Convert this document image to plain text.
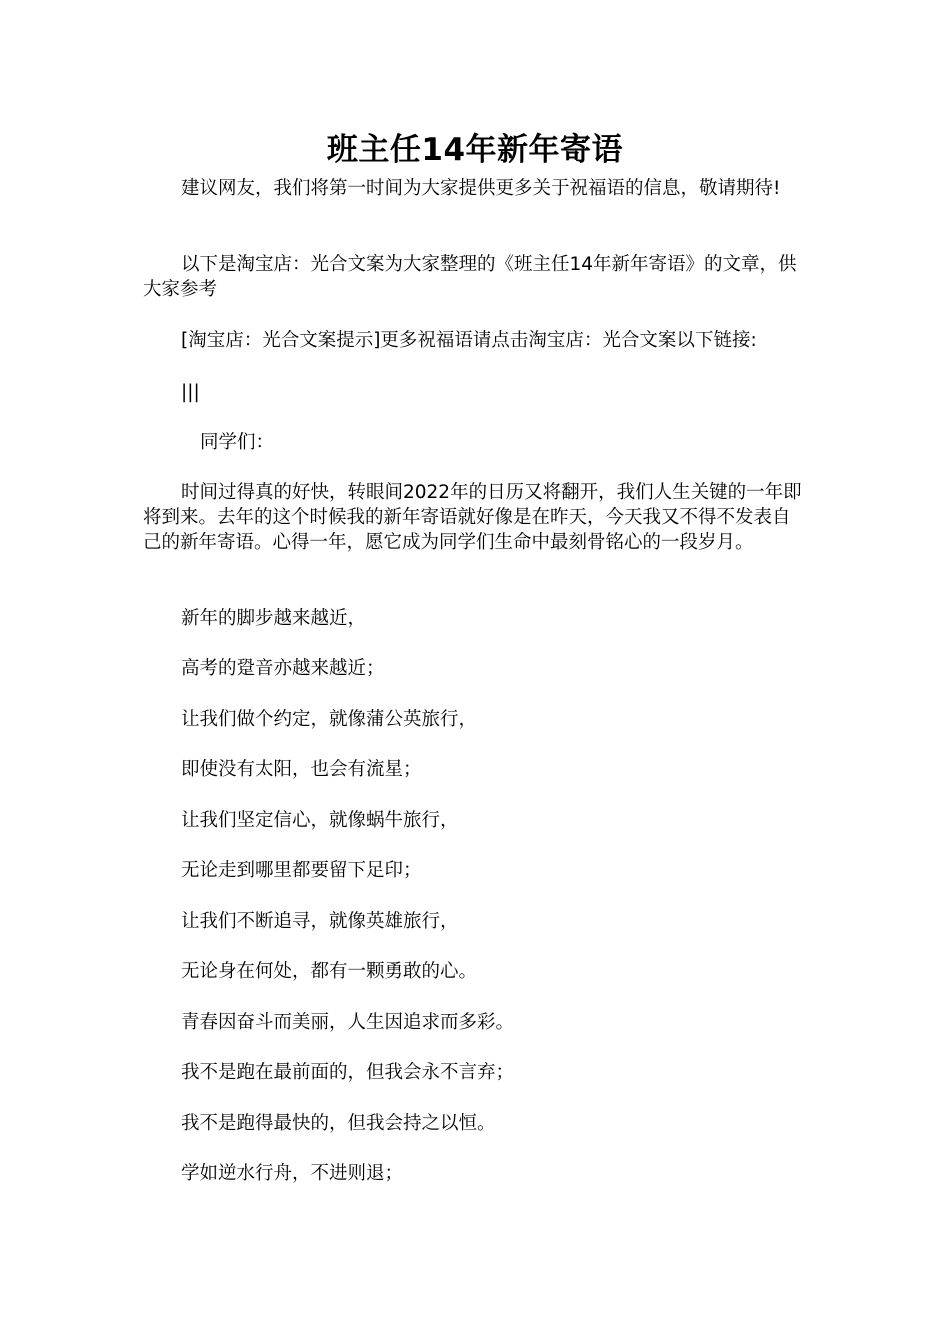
班主任14年新年寄语

建议网友，我们将第一时间为大家提供更多关于祝福语的信息，敬请期待!

以下是淘宝店：光合文案为大家整理的《班主任14年新年寄语》的文章，供大家参考

[淘宝店：光合文案提示]更多祝福语请点击淘宝店：光合文案以下链接:

|||

同学们：

时间过得真的好快，转眼间2022年的日历又将翻开，我们人生关键的一年即将到来。去年的这个时候我的新年寄语就好像是在昨天，今天我又不得不发表自己的新年寄语。心得一年，愿它成为同学们生命中最刻骨铭心的一段岁月。

新年的脚步越来越近，

高考的跫音亦越来越近；

让我们做个约定，就像蒲公英旅行，

即使没有太阳，也会有流星；

让我们坚定信心，就像蜗牛旅行，

无论走到哪里都要留下足印；

让我们不断追寻，就像英雄旅行，

无论身在何处，都有一颗勇敢的心。

青春因奋斗而美丽，人生因追求而多彩。

我不是跑在最前面的，但我会永不言弃；

我不是跑得最快的，但我会持之以恒。

学如逆水行舟，不进则退；
